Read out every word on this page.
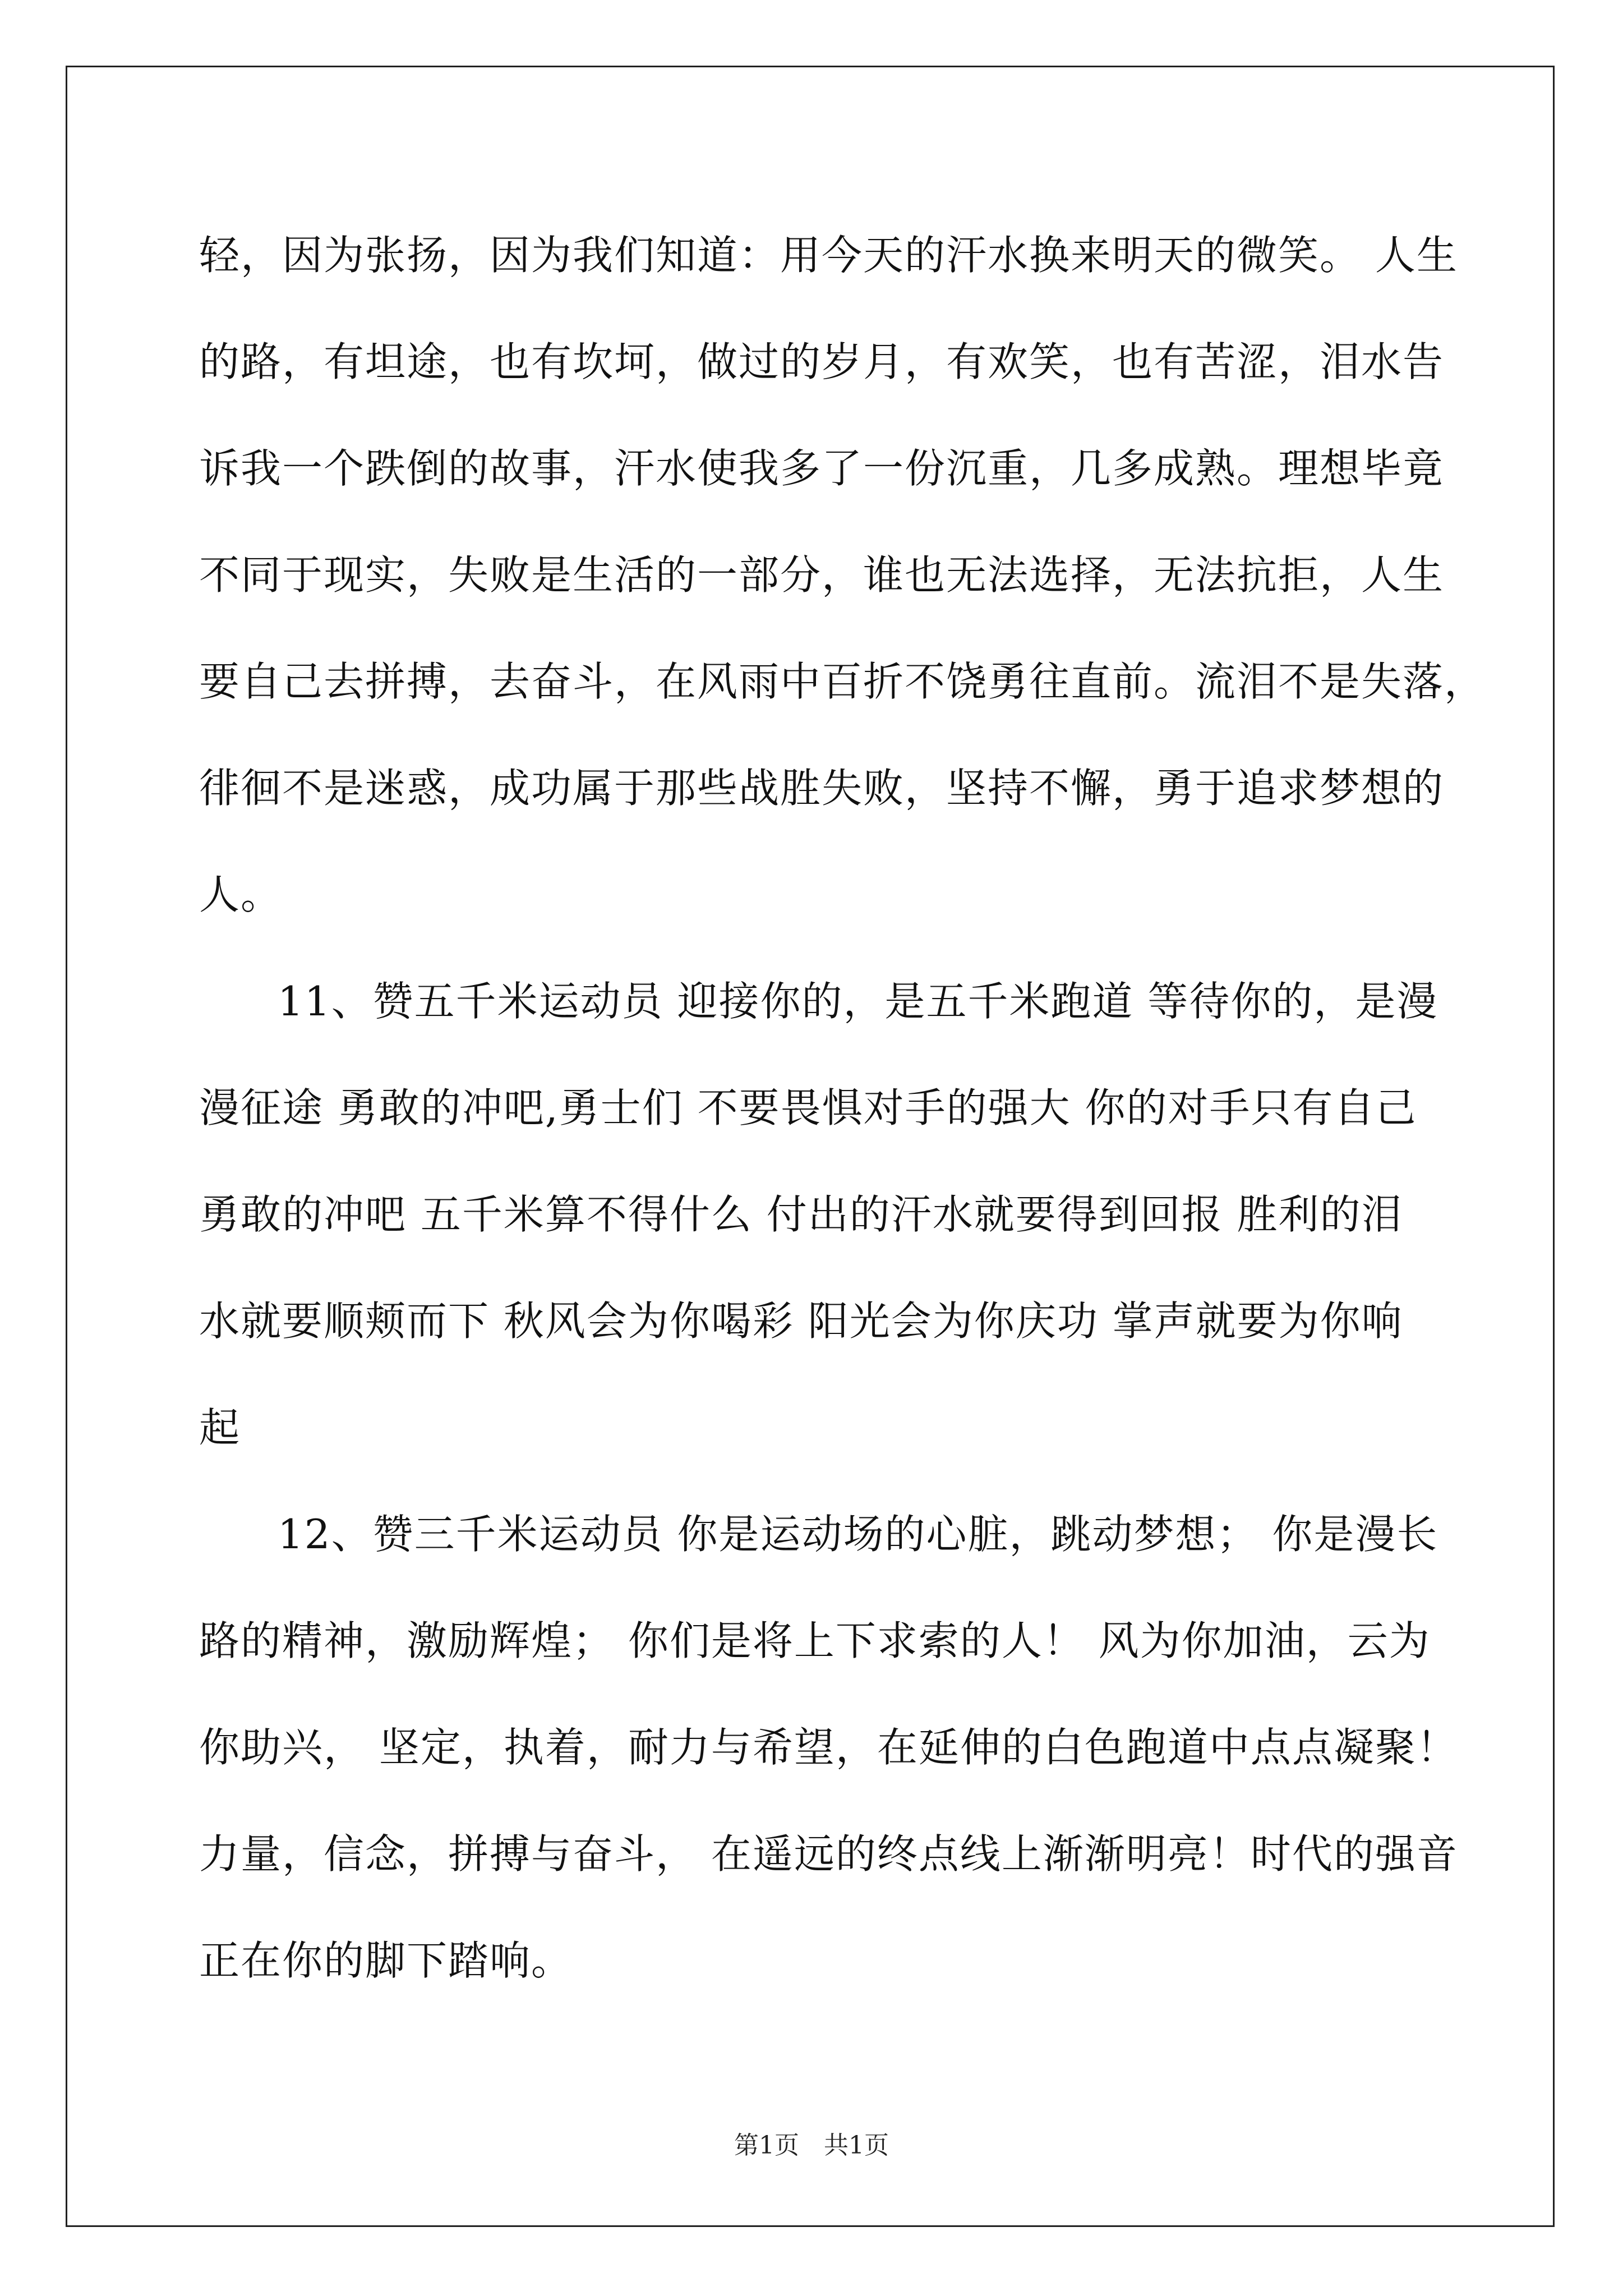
轻，因为张扬，因为我们知道：用今天的汗水换来明天的微笑。 人生
的路，有坦途，也有坎坷，做过的岁月，有欢笑，也有苦涩，泪水告
诉我一个跌倒的故事，汗水使我多了一份沉重，几多成熟。理想毕竟
不同于现实，失败是生活的一部分，谁也无法选择，无法抗拒，人生
要自己去拼搏，去奋斗，在风雨中百折不饶勇往直前。流泪不是失落，
徘徊不是迷惑，成功属于那些战胜失败，坚持不懈，勇于追求梦想的
人。
11、赞五千米运动员 迎接你的，是五千米跑道 等待你的，是漫
漫征途 勇敢的冲吧,勇士们 不要畏惧对手的强大 你的对手只有自己
勇敢的冲吧 五千米算不得什么 付出的汗水就要得到回报 胜利的泪
水就要顺颊而下 秋风会为你喝彩 阳光会为你庆功 掌声就要为你响
起
12、赞三千米运动员 你是运动场的心脏，跳动梦想； 你是漫长
路的精神，激励辉煌； 你们是将上下求索的人！ 风为你加油，云为
你助兴， 坚定，执着，耐力与希望，在延伸的白色跑道中点点凝聚！
力量，信念，拼搏与奋斗， 在遥远的终点线上渐渐明亮！时代的强音
正在你的脚下踏响。
第1页　共1页
